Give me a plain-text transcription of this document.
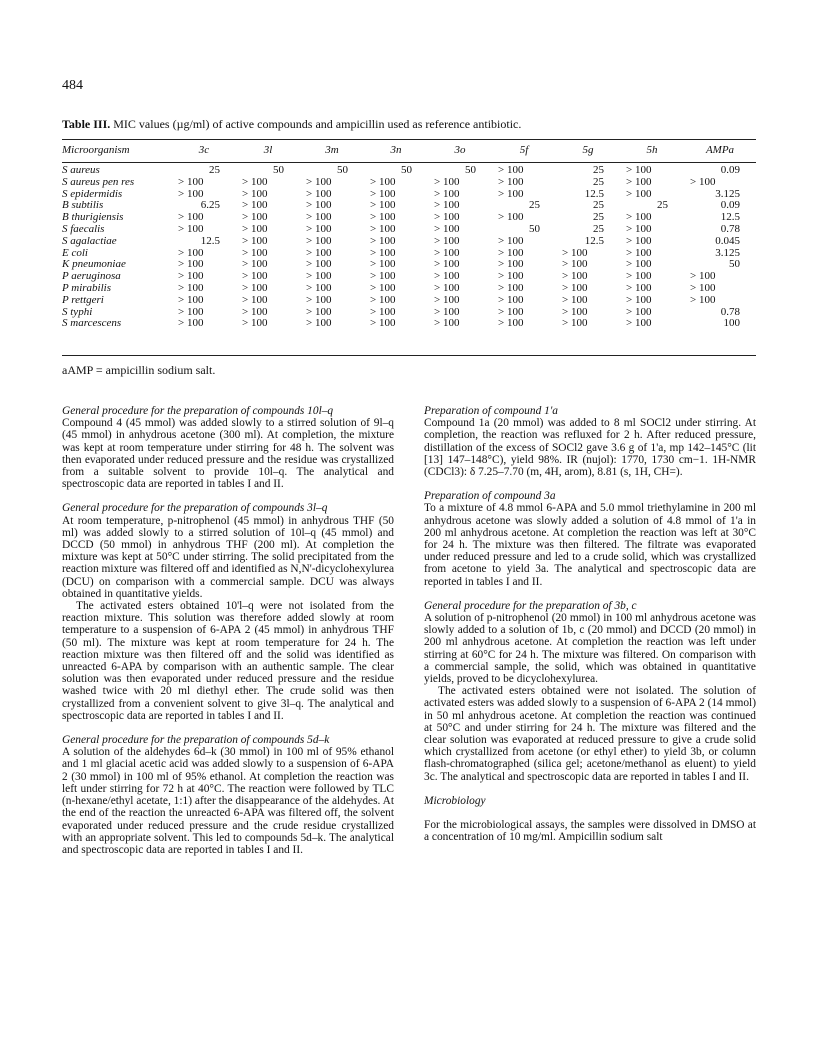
484
Table III. MIC values (µg/ml) of active compounds and ampicillin used as reference antibiotic.
Microorganism	3c	3l	3m	3n	3o	5f	5g	5h	AMPa
S aureus	25	50	50	50	50	> 100	25	> 100	0.09
S aureus pen res	> 100	> 100	> 100	> 100	> 100	> 100	25	> 100	> 100
S epidermidis	> 100	> 100	> 100	> 100	> 100	> 100	12.5	> 100	3.125
B subtilis	6.25	> 100	> 100	> 100	> 100	25	25	25	0.09
B thurigiensis	> 100	> 100	> 100	> 100	> 100	> 100	25	> 100	12.5
S faecalis	> 100	> 100	> 100	> 100	> 100	50	25	> 100	0.78
S agalactiae	12.5	> 100	> 100	> 100	> 100	> 100	12.5	> 100	0.045
E coli	> 100	> 100	> 100	> 100	> 100	> 100	> 100	> 100	3.125
K pneumoniae	> 100	> 100	> 100	> 100	> 100	> 100	> 100	> 100	50
P aeruginosa	> 100	> 100	> 100	> 100	> 100	> 100	> 100	> 100	> 100
P mirabilis	> 100	> 100	> 100	> 100	> 100	> 100	> 100	> 100	> 100
P rettgeri	> 100	> 100	> 100	> 100	> 100	> 100	> 100	> 100	> 100
S typhi	> 100	> 100	> 100	> 100	> 100	> 100	> 100	> 100	0.78
S marcescens	> 100	> 100	> 100	> 100	> 100	> 100	> 100	> 100	100
aAMP = ampicillin sodium salt.
General procedure for the preparation of compounds 10l–q

Compound 4 (45 mmol) was added slowly to a stirred solution of 9l–q (45 mmol) in anhydrous acetone (300 ml). At completion, the mixture was kept at room temperature under stirring for 48 h. The solvent was then evaporated under reduced pressure and the residue was crystallized from a suitable solvent to provide 10l–q. The analytical and spectroscopic data are reported in tables I and II.

General procedure for the preparation of compounds 3l–q

At room temperature, p-nitrophenol (45 mmol) in anhydrous THF (50 ml) was added slowly to a stirred solution of 10l–q (45 mmol) and DCCD (50 mmol) in anhydrous THF (200 ml). At completion the mixture was kept at 50°C under stirring. The solid precipitated from the reaction mixture was filtered off and identified as N,N'-dicyclohexylurea (DCU) on comparison with a commercial sample. DCU was always obtained in quantitative yields.

The activated esters obtained 10'l–q were not isolated from the reaction mixture. This solution was therefore added slowly at room temperature to a suspension of 6-APA 2 (45 mmol) in anhydrous THF (50 ml). The mixture was kept at room temperature for 24 h. The reaction mixture was then filtered off and the solid was identified as unreacted 6-APA by comparison with an authentic sample. The clear solution was then evaporated under reduced pressure and the residue washed twice with 20 ml diethyl ether. The crude solid was then crystallized from a convenient solvent to give 3l–q. The analytical and spectroscopic data are reported in tables I and II.

General procedure for the preparation of compounds 5d–k

A solution of the aldehydes 6d–k (30 mmol) in 100 ml of 95% ethanol and 1 ml glacial acetic acid was added slowly to a suspension of 6-APA 2 (30 mmol) in 100 ml of 95% ethanol. At completion the reaction was left under stirring for 72 h at 40°C. The reaction were followed by TLC (n-hexane/ethyl acetate, 1:1) after the disappearance of the aldehydes. At the end of the reaction the unreacted 6-APA was filtered off, the solvent evaporated under reduced pressure and the crude residue crystallized with an appropriate solvent. This led to compounds 5d–k. The analytical and spectroscopic data are reported in tables I and II.

Preparation of compound 1'a

Compound 1a (20 mmol) was added to 8 ml SOCl2 under stirring. At completion, the reaction was refluxed for 2 h. After reduced pressure, distillation of the excess of SOCl2 gave 3.6 g of 1'a, mp 142–145°C (lit [13] 147–148°C), yield 98%. IR (nujol): 1770, 1730 cm−1. 1H-NMR (CDCl3): δ 7.25–7.70 (m, 4H, arom), 8.81 (s, 1H, CH=).

Preparation of compound 3a

To a mixture of 4.8 mmol 6-APA and 5.0 mmol triethylamine in 200 ml anhydrous acetone was slowly added a solution of 4.8 mmol of 1'a in 200 ml anhydrous acetone. At completion the reaction was left at 30°C for 24 h. The mixture was then filtered. The filtrate was evaporated under reduced pressure and led to a crude solid, which was crystallized from acetone to yield 3a. The analytical and spectroscopic data are reported in tables I and II.

General procedure for the preparation of 3b, c

A solution of p-nitrophenol (20 mmol) in 100 ml anhydrous acetone was slowly added to a solution of 1b, c (20 mmol) and DCCD (20 mmol) in 200 ml anhydrous acetone. At completion the reaction was left under stirring at 60°C for 24 h. The mixture was filtered. On comparison with a commercial sample, the solid, which was obtained in quantitative yields, proved to be dicyclohexylurea.

The activated esters obtained were not isolated. The solution of activated esters was added slowly to a suspension of 6-APA 2 (14 mmol) in 50 ml anhydrous acetone. At completion the reaction was continued at 50°C and under stirring for 24 h. The mixture was filtered and the clear solution was evaporated at reduced pressure to give a crude solid which crystallized from acetone (or ethyl ether) to yield 3b, or column flash-chromatographed (silica gel; acetone/methanol as eluent) to yield 3c. The analytical and spectroscopic data are reported in tables I and II.

Microbiology

For the microbiological assays, the samples were dissolved in DMSO at a concentration of 10 mg/ml. Ampicillin sodium salt
